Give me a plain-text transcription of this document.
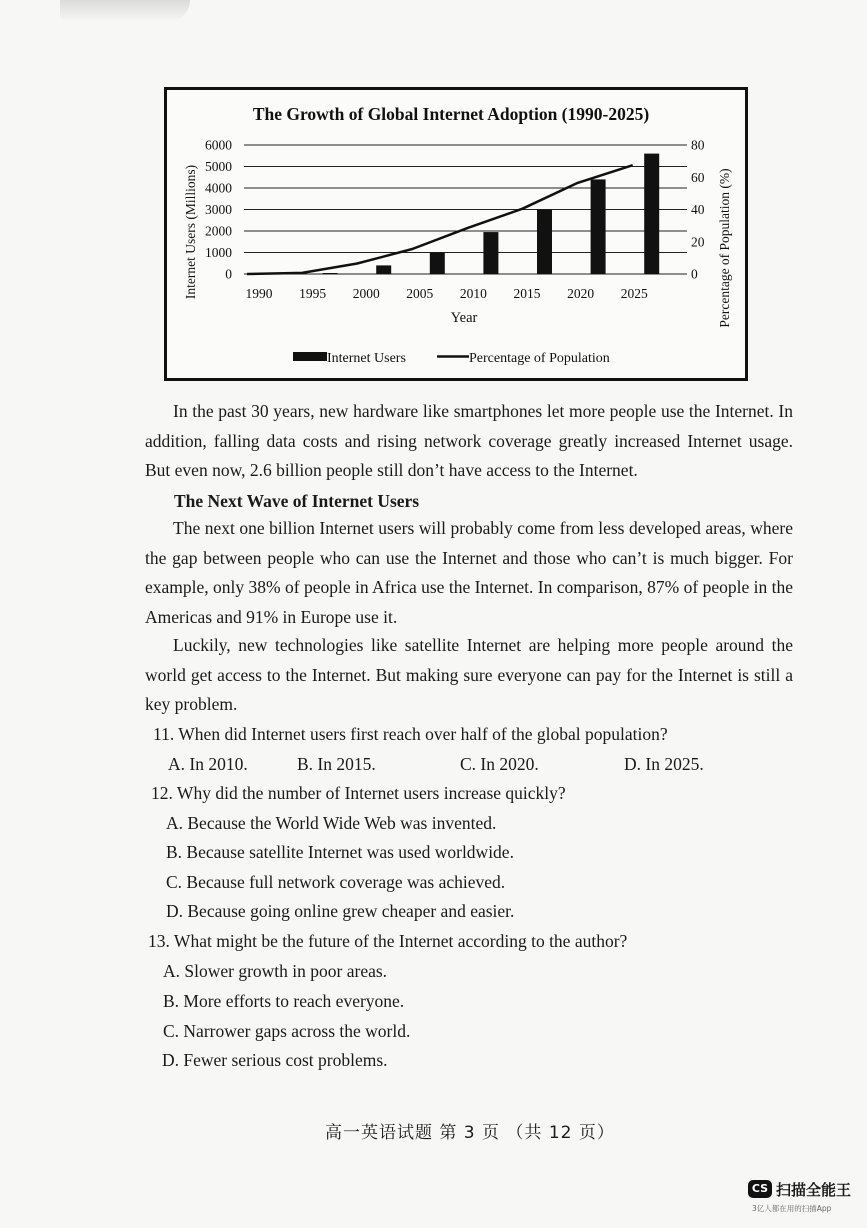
The Growth of Global Internet Adoption (1990-2025)
6000
5000
4000
3000
2000
1000
0
80
60
40
20
0
1990 1995 2000 2005 2010 2015 2020 2025
Year
Internet Users (Millions)	Percentage of Population (%)
Internet Users	Percentage of Population

In the past 30 years, new hardware like smartphones let more people use the Internet. In addition, falling data costs and rising network coverage greatly increased Internet usage. But even now, 2.6 billion people still don’t have access to the Internet.

The Next Wave of Internet Users

The next one billion Internet users will probably come from less developed areas, where the gap between people who can use the Internet and those who can’t is much bigger. For example, only 38% of people in Africa use the Internet. In comparison, 87% of people in the Americas and 91% in Europe use it.

Luckily, new technologies like satellite Internet are helping more people around the world get access to the Internet. But making sure everyone can pay for the Internet is still a key problem.

11. When did Internet users first reach over half of the global population?
A. In 2010.	B. In 2015.	C. In 2020.	D. In 2025.
12. Why did the number of Internet users increase quickly?
A. Because the World Wide Web was invented.
B. Because satellite Internet was used worldwide.
C. Because full network coverage was achieved.
D. Because going online grew cheaper and easier.
13. What might be the future of the Internet according to the author?
A. Slower growth in poor areas.
B. More efforts to reach everyone.
C. Narrower gaps across the world.
D. Fewer serious cost problems.
高一英语试题 第 3 页 （共 12 页）
CS 扫描全能王
3亿人都在用的扫描App
